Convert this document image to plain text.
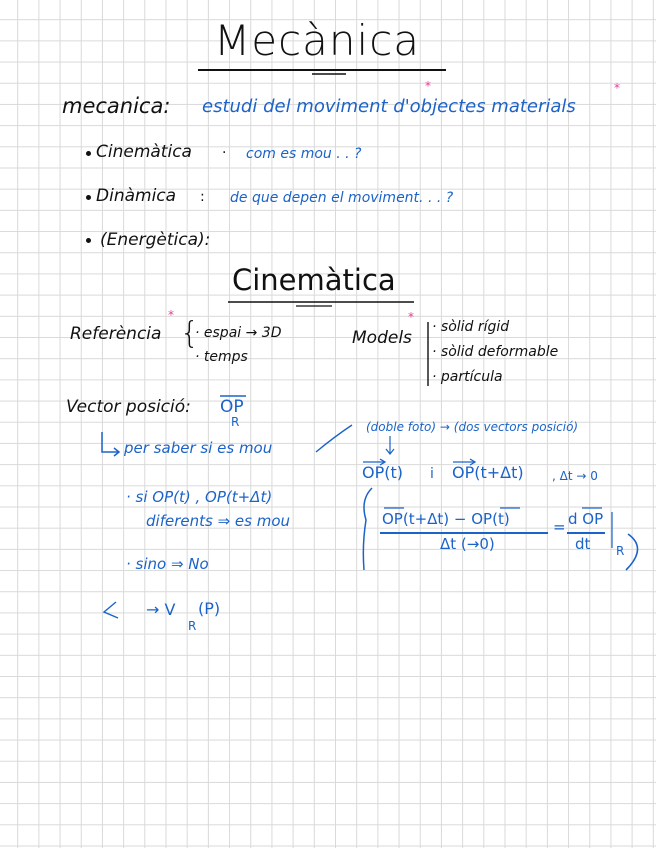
Mecànica
mecanica: estudi del moviment d'objectes materials
*	*
Cinemàtica · com es mou . . ?
Dinàmica : de que depen el moviment. . . ?
(Energètica):
Cinemàtica
Referència
*
{
· espai → 3D
· temps
Models
*
· sòlid rígid
· sòlid deformable
· partícula
Vector posició: OP
R
per saber si es mou
(doble foto) → (dos vectors posició)
OP(t) i OP(t+Δt) , Δt → 0
· si OP(t) , OP(t+Δt)
diferents ⇒ es mou
· sino ⇒ No
OP(t+Δt) − OP(t)
Δt (→0)
= d OP
dt R
→ V
R
(P)
